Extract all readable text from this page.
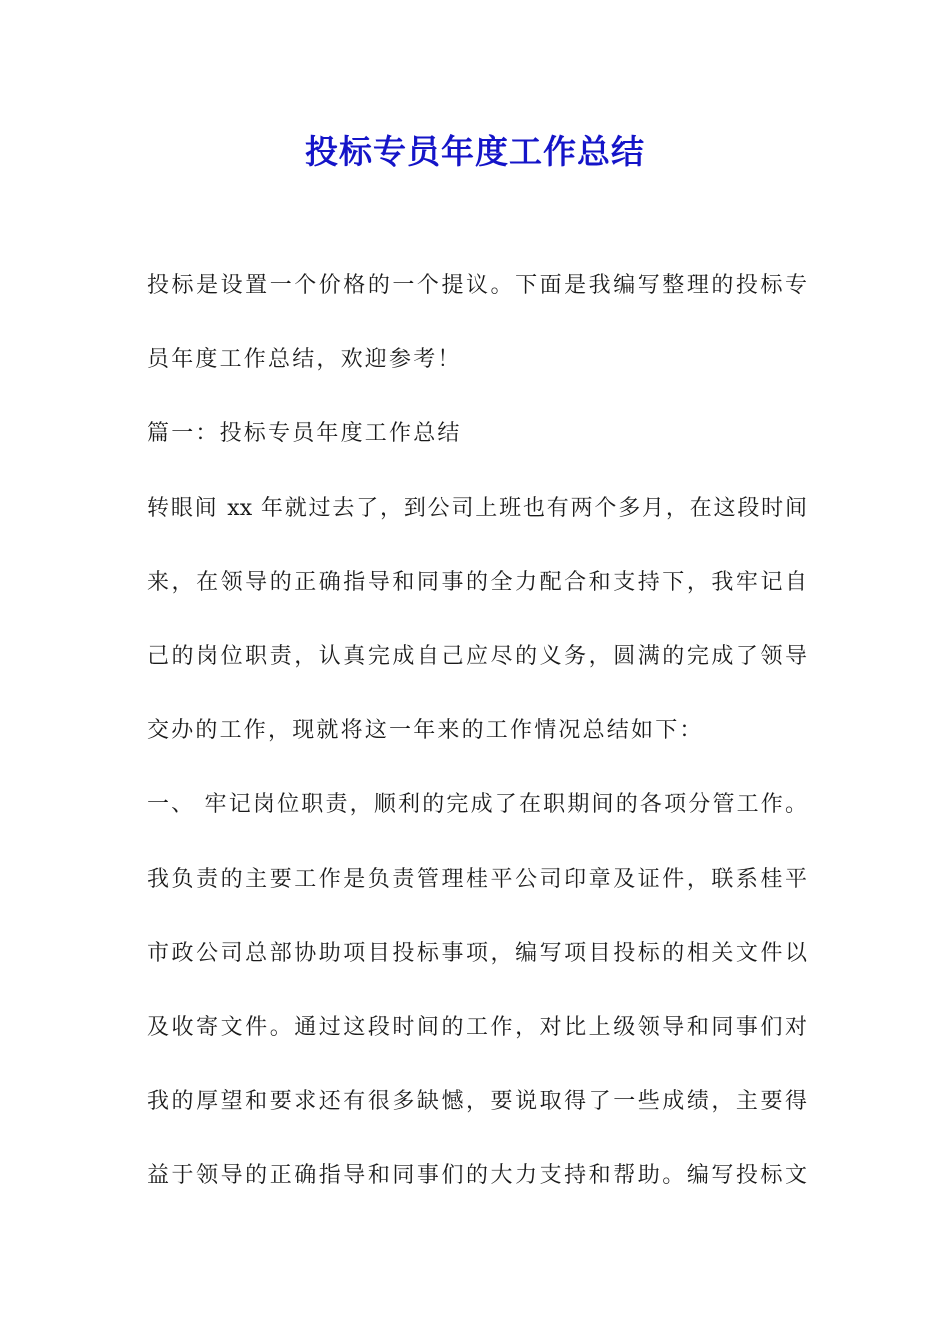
投标专员年度工作总结

投标是设置一个价格的一个提议。下面是我编写整理的投标专

员年度工作总结，欢迎参考！

篇一：投标专员年度工作总结

转眼间 xx 年就过去了，到公司上班也有两个多月，在这段时间

来，在领导的正确指导和同事的全力配合和支持下，我牢记自

己的岗位职责，认真完成自己应尽的义务，圆满的完成了领导

交办的工作，现就将这一年来的工作情况总结如下：

一、 牢记岗位职责，顺利的完成了在职期间的各项分管工作。

我负责的主要工作是负责管理桂平公司印章及证件，联系桂平

市政公司总部协助项目投标事项，编写项目投标的相关文件以

及收寄文件。通过这段时间的工作，对比上级领导和同事们对

我的厚望和要求还有很多缺憾，要说取得了一些成绩，主要得

益于领导的正确指导和同事们的大力支持和帮助。编写投标文
